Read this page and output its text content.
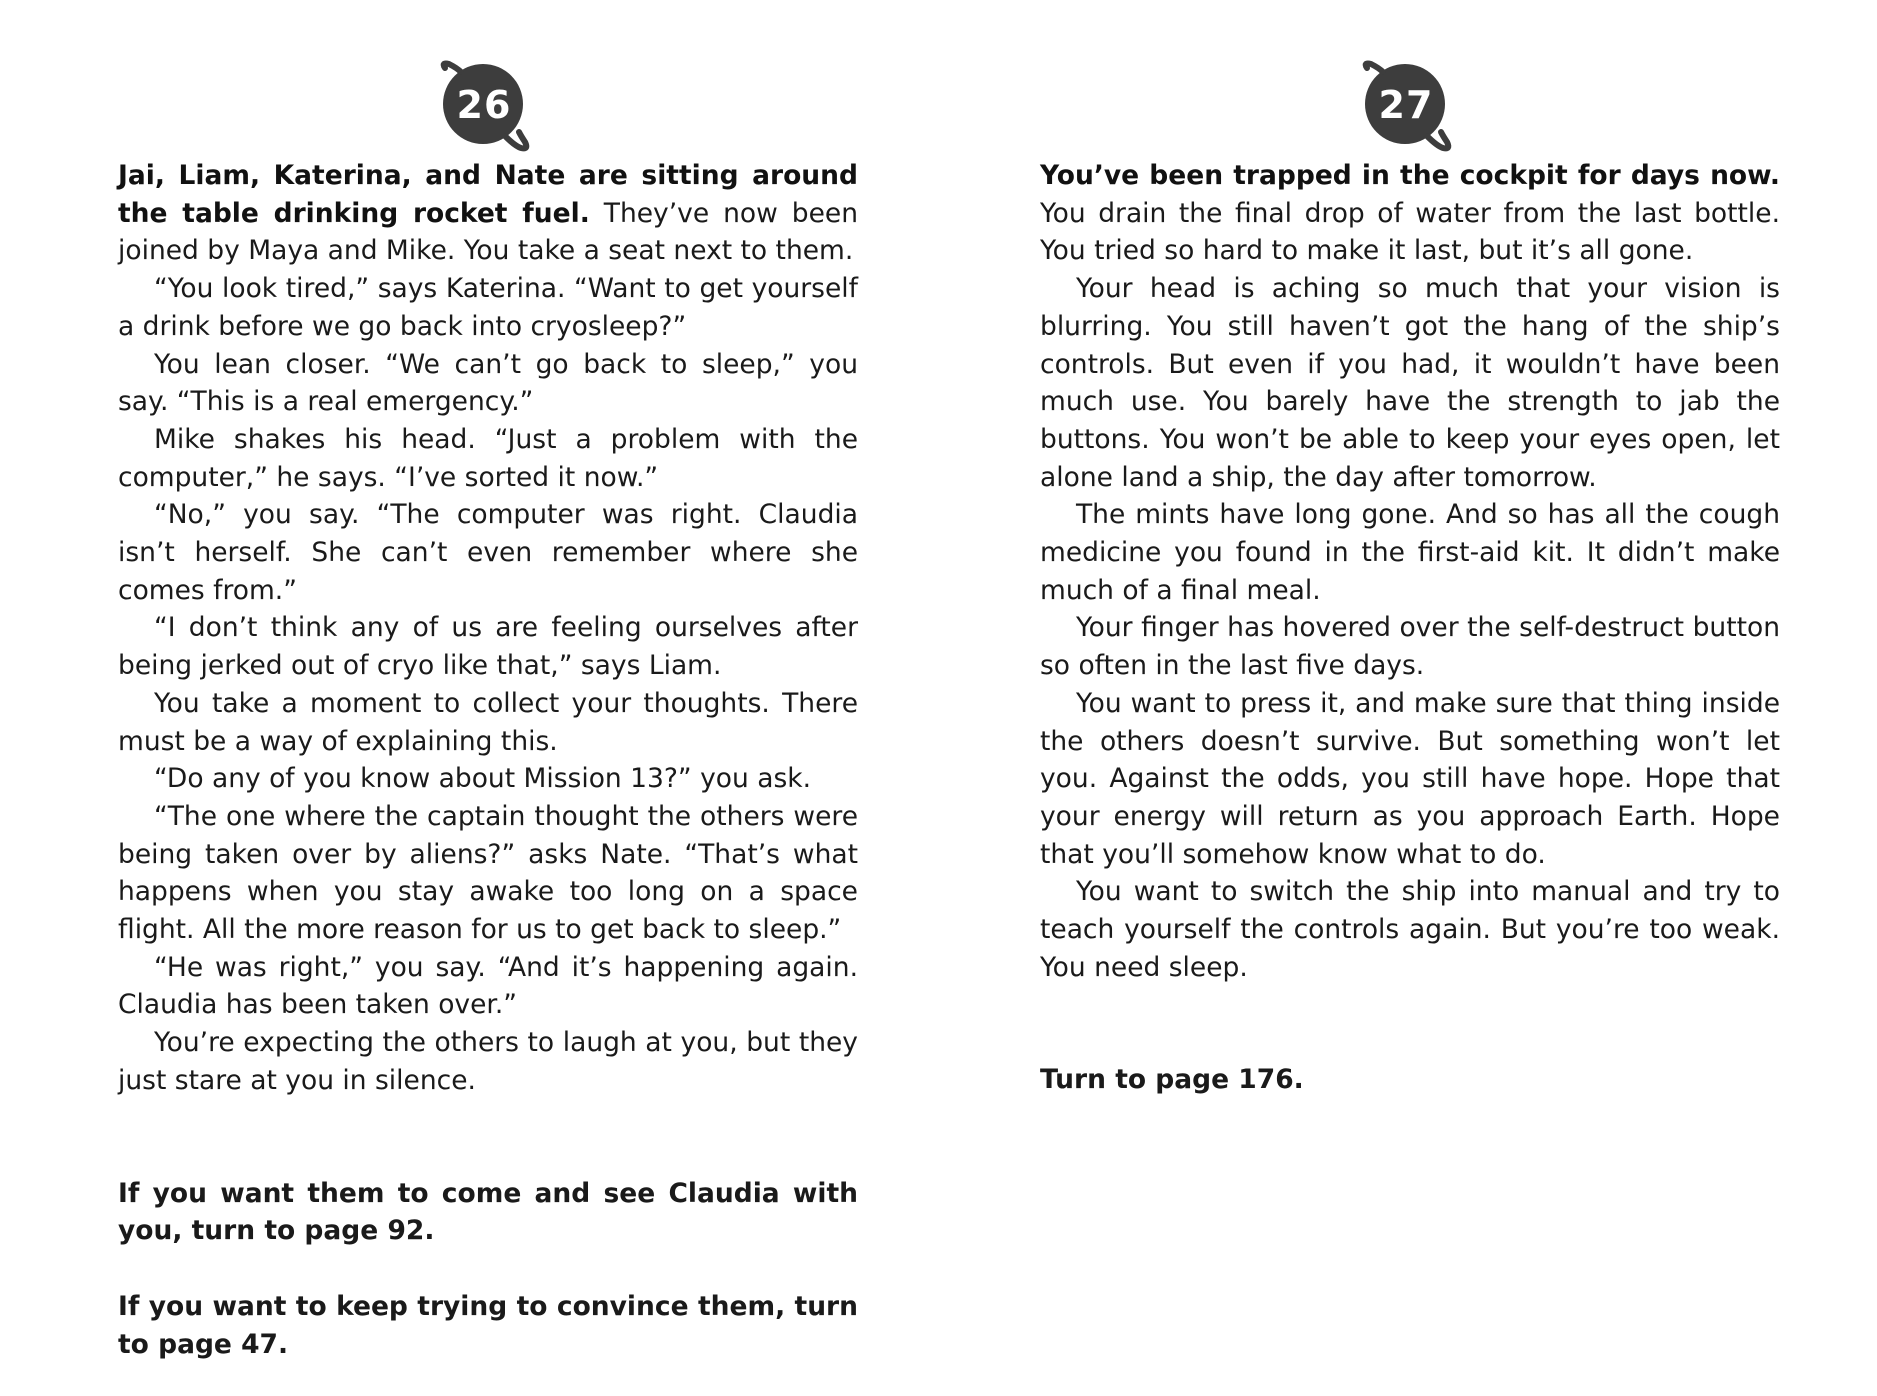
26

Jai, Liam, Katerina, and Nate are sitting around the table drinking rocket fuel. They’ve now been joined by Maya and Mike. You take a seat next to them.

“You look tired,” says Katerina. “Want to get yourself a drink before we go back into cryosleep?”

You lean closer. “We can’t go back to sleep,” you say. “This is a real emergency.”

Mike shakes his head. “Just a problem with the computer,” he says. “I’ve sorted it now.”

“No,” you say. “The computer was right. Claudia isn’t herself. She can’t even remember where she comes from.”

“I don’t think any of us are feeling ourselves after being jerked out of cryo like that,” says Liam.

You take a moment to collect your thoughts. There must be a way of explaining this.

“Do any of you know about Mission 13?” you ask.

“The one where the captain thought the others were being taken over by aliens?” asks Nate. “That’s what happens when you stay awake too long on a space flight. All the more reason for us to get back to sleep.”

“He was right,” you say. “And it’s happening again. Claudia has been taken over.”

You’re expecting the others to laugh at you, but they just stare at you in silence.

If you want them to come and see Claudia with you, turn to page 92.

If you want to keep trying to convince them, turn to page 47.

27

You’ve been trapped in the cockpit for days now. You drain the final drop of water from the last bottle. You tried so hard to make it last, but it’s all gone.

Your head is aching so much that your vision is blurring. You still haven’t got the hang of the ship’s controls. But even if you had, it wouldn’t have been much use. You barely have the strength to jab the buttons. You won’t be able to keep your eyes open, let alone land a ship, the day after tomorrow.

The mints have long gone. And so has all the cough medicine you found in the first-aid kit. It didn’t make much of a final meal.

Your finger has hovered over the self-destruct button so often in the last five days.

You want to press it, and make sure that thing inside the others doesn’t survive. But something won’t let you. Against the odds, you still have hope. Hope that your energy will return as you approach Earth. Hope that you’ll somehow know what to do.

You want to switch the ship into manual and try to teach yourself the controls again. But you’re too weak. You need sleep.

Turn to page 176.
